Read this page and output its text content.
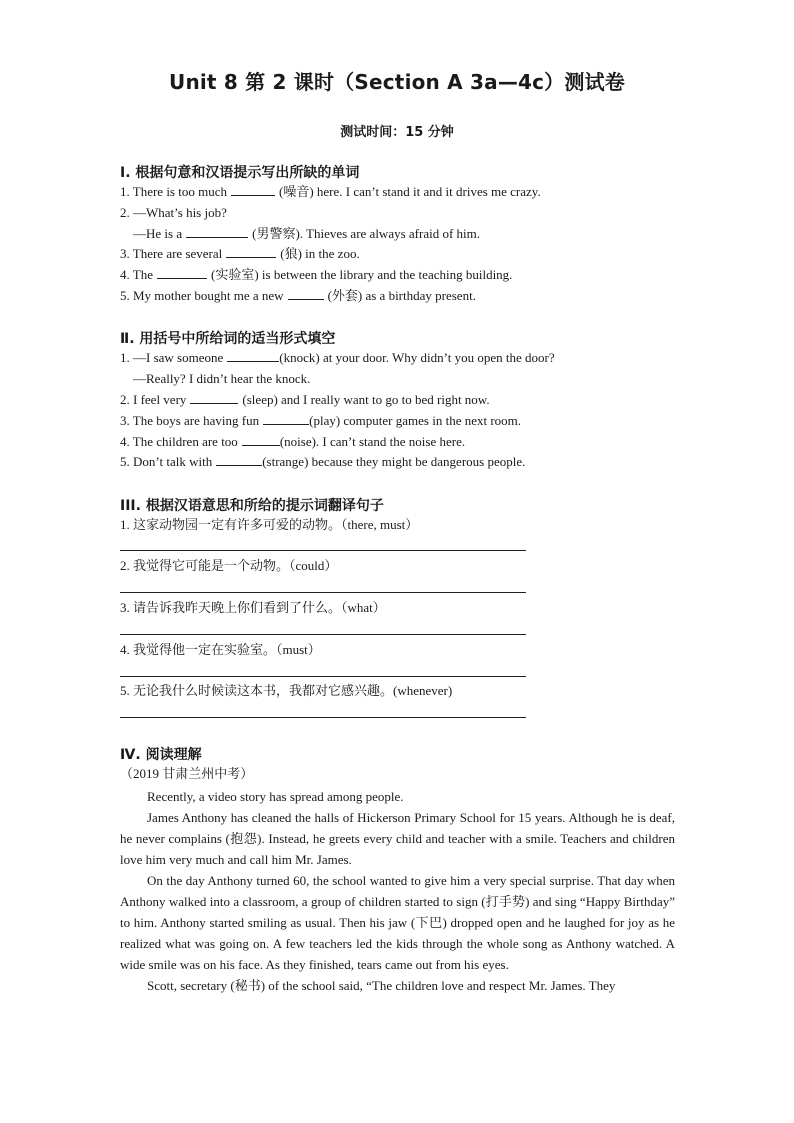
Unit 8 第 2 课时（Section A 3a—4c）测试卷
测试时间：15 分钟
Ⅰ. 根据句意和汉语提示写出所缺的单词
1. There is too much	(噪音) here. I can’t stand it and it drives me crazy.
2. —What’s his job?
—He is a	(男警察). Thieves are always afraid of him.
3. There are several	(狼) in the zoo.
4. The	(实验室) is between the library and the teaching building.
5. My mother bought me a new	(外套) as a birthday present.
Ⅱ. 用括号中所给词的适当形式填空
1. —I saw someone	(knock) at your door. Why didn’t you open the door?
—Really? I didn’t hear the knock.
2. I feel very	(sleep) and I really want to go to bed right now.
3. The boys are having fun	(play) computer games in the next room.
4. The children are too	(noise). I can’t stand the noise here.
5. Don’t talk with	(strange) because they might be dangerous people.
III. 根据汉语意思和所给的提示词翻译句子
1. 这家动物园一定有许多可爱的动物。（there, must）
2. 我觉得它可能是一个动物。（could）
3. 请告诉我昨天晚上你们看到了什么。（what）
4. 我觉得他一定在实验室。（must）
5. 无论我什么时候读这本书，我都对它感兴趣。(whenever)
Ⅳ. 阅读理解
（2019 甘肃兰州中考）

Recently, a video story has spread among people.

James Anthony has cleaned the halls of Hickerson Primary School for 15 years. Although he is deaf, he never complains (抱怨). Instead, he greets every child and teacher with a smile. Teachers and children love him very much and call him Mr. James.

On the day Anthony turned 60, the school wanted to give him a very special surprise. That day when Anthony walked into a classroom, a group of children started to sign (打手势) and sing “Happy Birthday” to him. Anthony started smiling as usual. Then his jaw (下巴) dropped open and he laughed for joy as he realized what was going on. A few teachers led the kids through the whole song as Anthony watched. A wide smile was on his face. As they finished, tears came out from his eyes.

Scott, secretary (秘书) of the school said, “The children love and respect Mr. James. They
